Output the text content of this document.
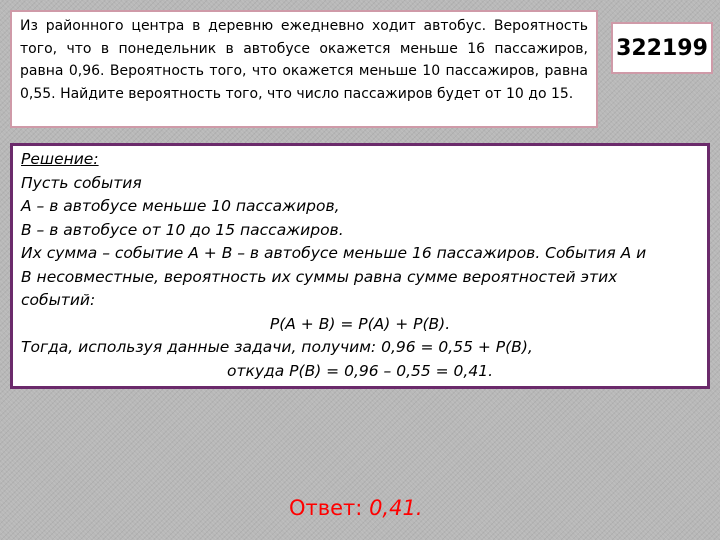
Из районного центра в деревню ежедневно ходит автобус. Вероятность того, что в понедельник в автобусе окажется меньше 16 пассажиров, равна 0,96. Вероятность того, что окажется меньше 10 пассажиров, равна 0,55. Найдите вероятность того, что число пассажиров будет от 10 до 15.

322199
Решение:
Пусть события
А – в автобусе меньше 10 пассажиров,
В – в автобусе от 10 до 15 пассажиров.
Их сумма – событие А + В – в автобусе меньше 16 пассажиров. События А и
В несовместные, вероятность их суммы равна сумме вероятностей этих
событий:
Р(А + В) = Р(А) + Р(В).
Тогда, используя данные задачи, получим: 0,96 = 0,55 + Р(В),
откуда Р(В) = 0,96 – 0,55 = 0,41.
Ответ: 0,41.
